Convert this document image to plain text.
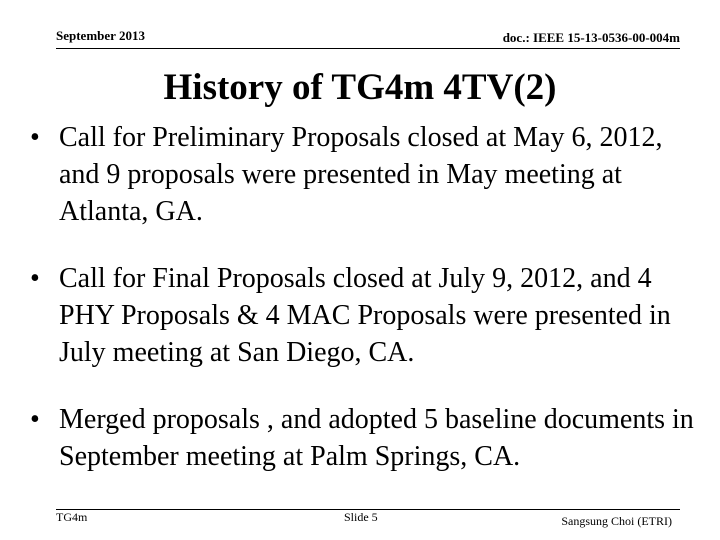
September 2013	doc.: IEEE 15-13-0536-00-004m
History of TG4m 4TV(2)
• Call for Preliminary Proposals closed at May 6, 2012, and 9 proposals were presented in May meeting at Atlanta, GA.
• Call for Final Proposals closed at July 9, 2012, and 4 PHY Proposals & 4 MAC Proposals were presented in July meeting at San Diego, CA.
• Merged proposals , and adopted 5 baseline documents in September meeting at Palm Springs, CA.
TG4m	Slide 5	Sangsung Choi (ETRI)
